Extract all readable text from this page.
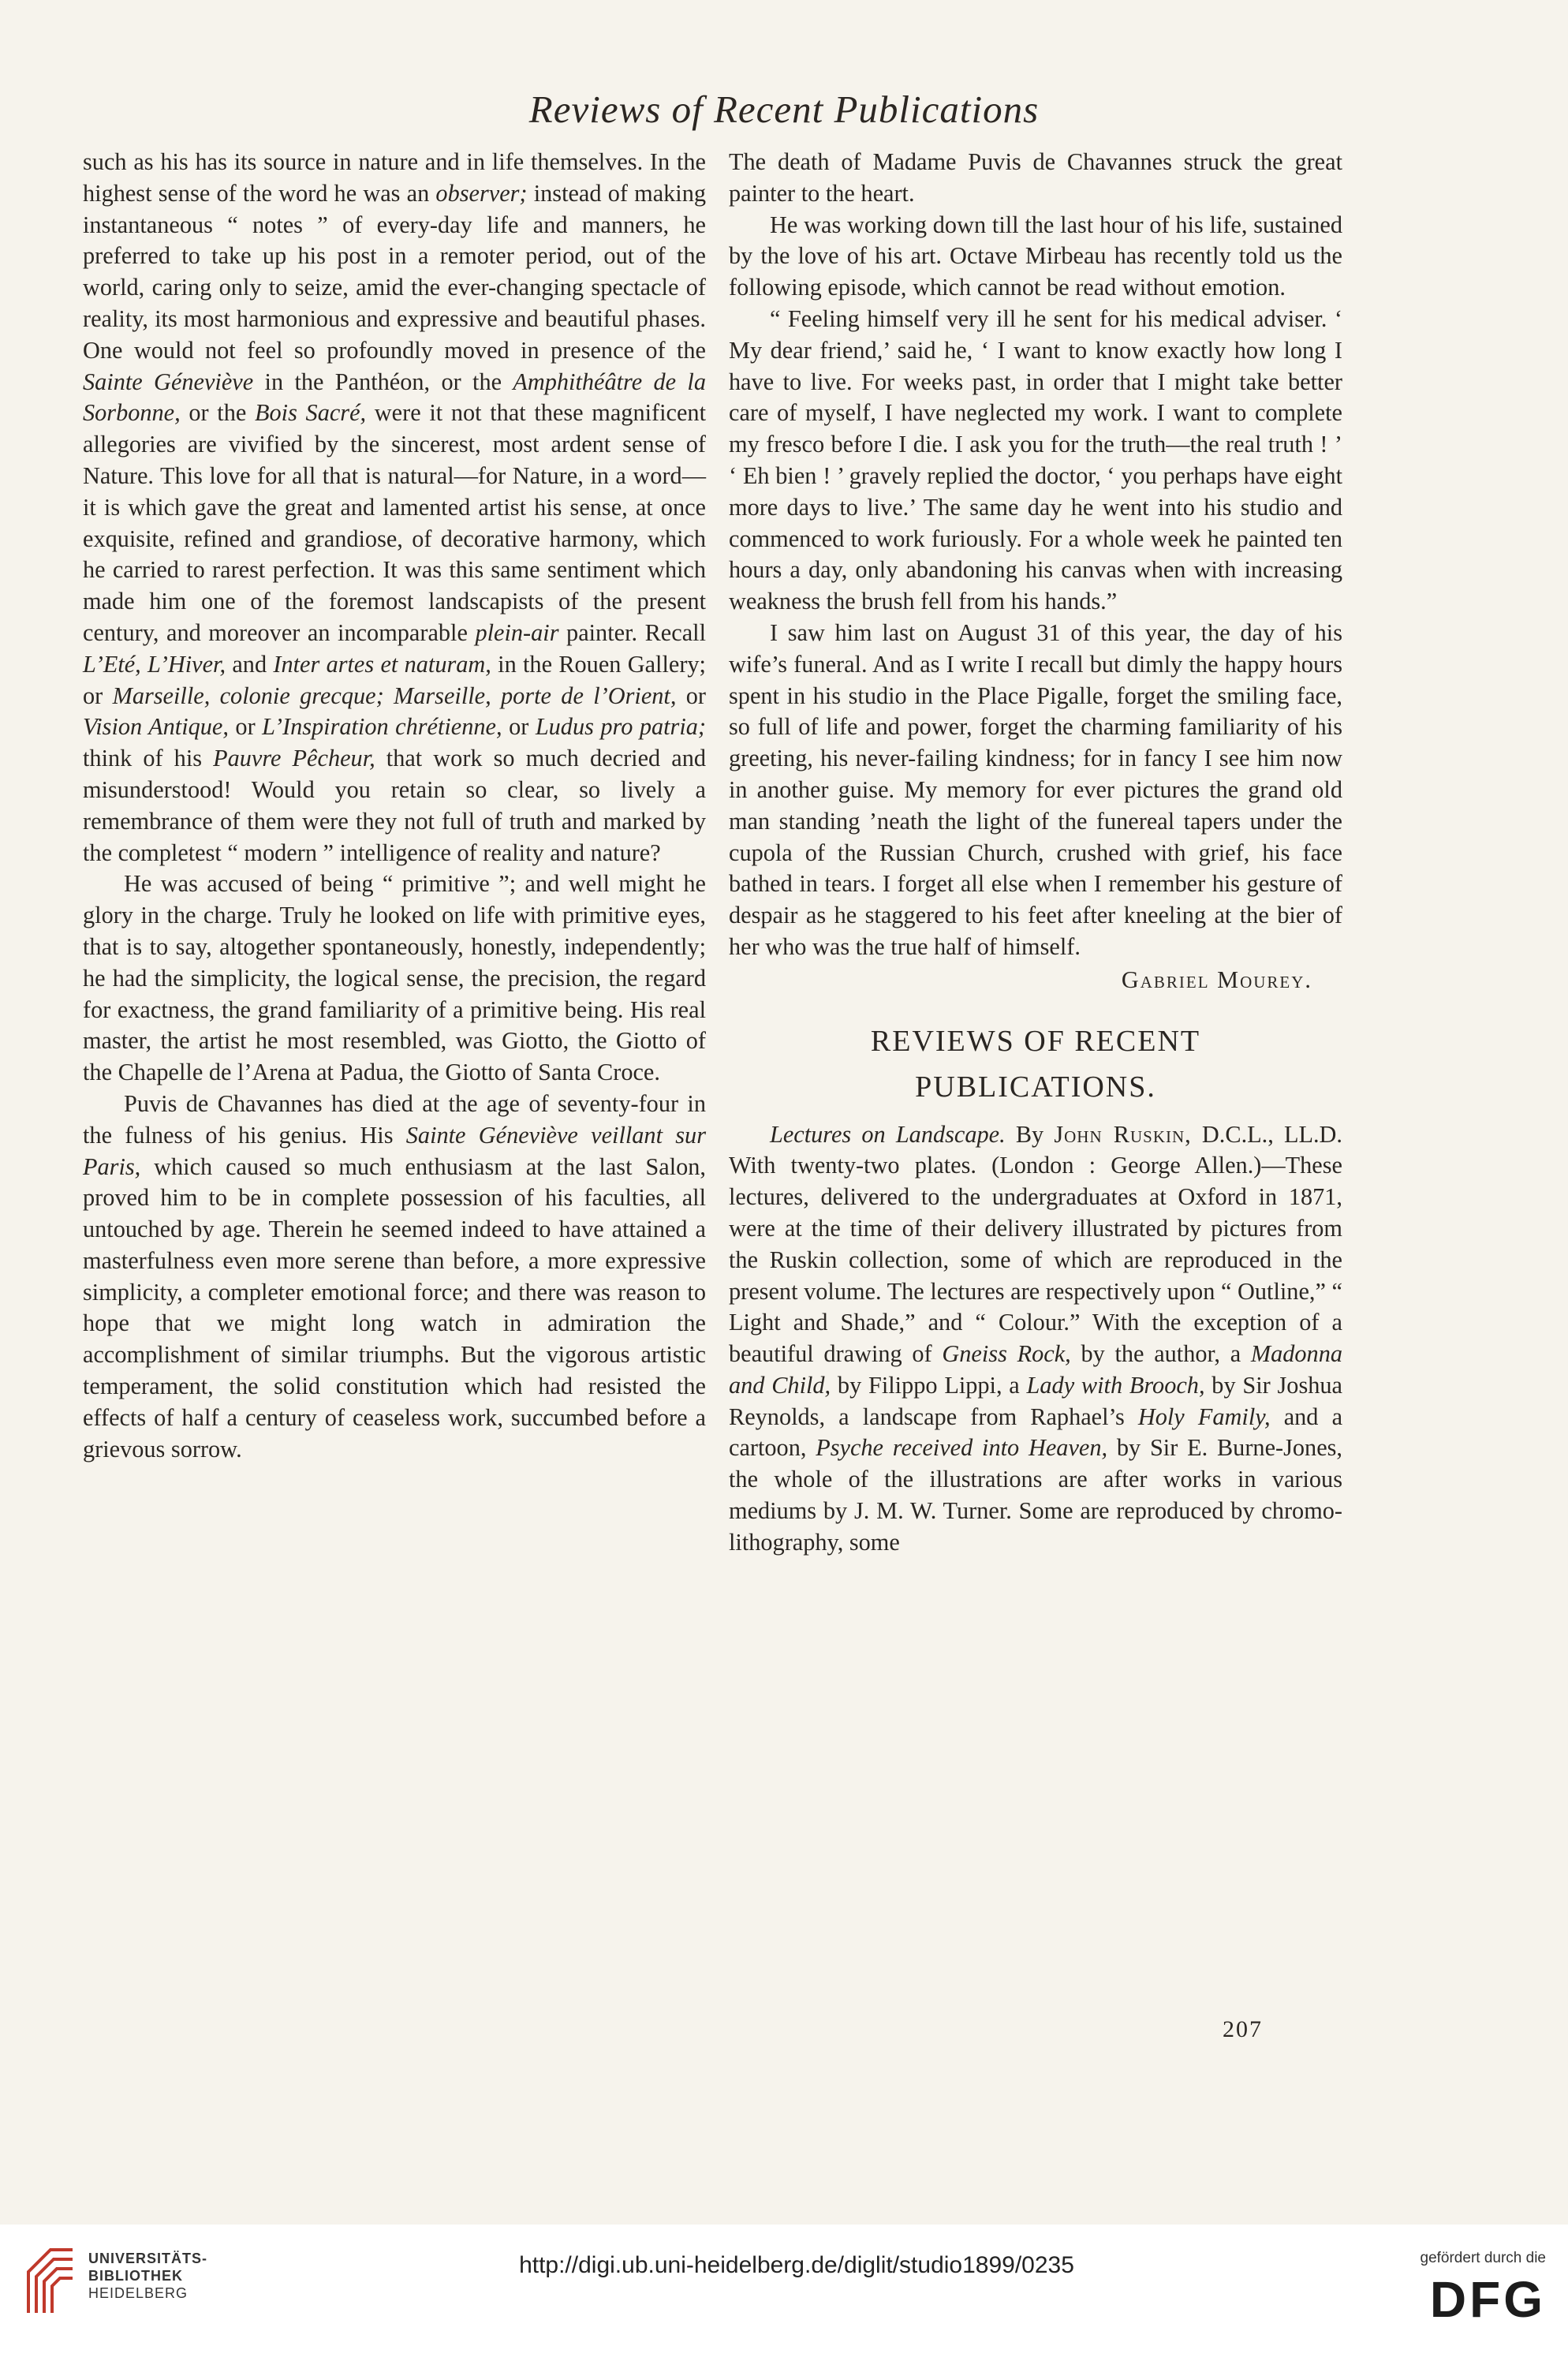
Reviews of Recent Publications

such as his has its source in nature and in life themselves. In the highest sense of the word he was an observer; instead of making instantaneous “ notes ” of every-day life and manners, he preferred to take up his post in a remoter period, out of the world, caring only to seize, amid the ever-changing spectacle of reality, its most harmonious and expressive and beautiful phases. One would not feel so profoundly moved in presence of the Sainte Géneviève in the Panthéon, or the Amphithéâtre de la Sorbonne, or the Bois Sacré, were it not that these magnificent allegories are vivified by the sincerest, most ardent sense of Nature. This love for all that is natural—for Nature, in a word—it is which gave the great and lamented artist his sense, at once exquisite, refined and grandiose, of decorative harmony, which he carried to rarest perfection. It was this same sentiment which made him one of the foremost landscapists of the present century, and moreover an incomparable plein-air painter. Recall L’Eté, L’Hiver, and Inter artes et naturam, in the Rouen Gallery; or Marseille, colonie grecque; Marseille, porte de l’Orient, or Vision Antique, or L’Inspiration chrétienne, or Ludus pro patria; think of his Pauvre Pêcheur, that work so much decried and misunderstood! Would you retain so clear, so lively a remembrance of them were they not full of truth and marked by the completest “ modern ” intelligence of reality and nature?

He was accused of being “ primitive ”; and well might he glory in the charge. Truly he looked on life with primitive eyes, that is to say, altogether spontaneously, honestly, independently; he had the simplicity, the logical sense, the precision, the regard for exactness, the grand familiarity of a primitive being. His real master, the artist he most resembled, was Giotto, the Giotto of the Chapelle de l’Arena at Padua, the Giotto of Santa Croce.

Puvis de Chavannes has died at the age of seventy-four in the fulness of his genius. His Sainte Géneviève veillant sur Paris, which caused so much enthusiasm at the last Salon, proved him to be in complete possession of his faculties, all untouched by age. Therein he seemed indeed to have attained a masterfulness even more serene than before, a more expressive simplicity, a completer emotional force; and there was reason to hope that we might long watch in admiration the accomplishment of similar triumphs. But the vigorous artistic temperament, the solid constitution which had resisted the effects of half a century of ceaseless work, succumbed before a grievous sorrow.

The death of Madame Puvis de Chavannes struck the great painter to the heart.

He was working down till the last hour of his life, sustained by the love of his art. Octave Mirbeau has recently told us the following episode, which cannot be read without emotion.

“ Feeling himself very ill he sent for his medical adviser. ‘ My dear friend,’ said he, ‘ I want to know exactly how long I have to live. For weeks past, in order that I might take better care of myself, I have neglected my work. I want to complete my fresco before I die. I ask you for the truth—the real truth ! ’ ‘ Eh bien ! ’ gravely replied the doctor, ‘ you perhaps have eight more days to live.’ The same day he went into his studio and commenced to work furiously. For a whole week he painted ten hours a day, only abandoning his canvas when with increasing weakness the brush fell from his hands.”

I saw him last on August 31 of this year, the day of his wife’s funeral. And as I write I recall but dimly the happy hours spent in his studio in the Place Pigalle, forget the smiling face, so full of life and power, forget the charming familiarity of his greeting, his never-failing kindness; for in fancy I see him now in another guise. My memory for ever pictures the grand old man standing ’neath the light of the funereal tapers under the cupola of the Russian Church, crushed with grief, his face bathed in tears. I forget all else when I remember his gesture of despair as he staggered to his feet after kneeling at the bier of her who was the true half of himself.

Gabriel Mourey.
REVIEWS OF RECENT
PUBLICATIONS.

Lectures on Landscape. By John Ruskin, D.C.L., LL.D. With twenty-two plates. (London : George Allen.)—These lectures, delivered to the undergraduates at Oxford in 1871, were at the time of their delivery illustrated by pictures from the Ruskin collection, some of which are reproduced in the present volume. The lectures are respectively upon “ Outline,” “ Light and Shade,” and “ Colour.” With the exception of a beautiful drawing of Gneiss Rock, by the author, a Madonna and Child, by Filippo Lippi, a Lady with Brooch, by Sir Joshua Reynolds, a landscape from Raphael’s Holy Family, and a cartoon, Psyche received into Heaven, by Sir E. Burne-Jones, the whole of the illustrations are after works in various mediums by J. M. W. Turner. Some are reproduced by chromo-lithography, some

207
UNIVERSITÄTS-
BIBLIOTHEK
HEIDELBERG
http://digi.ub.uni-heidelberg.de/diglit/studio1899/0235	gefördert durch die
DFG
